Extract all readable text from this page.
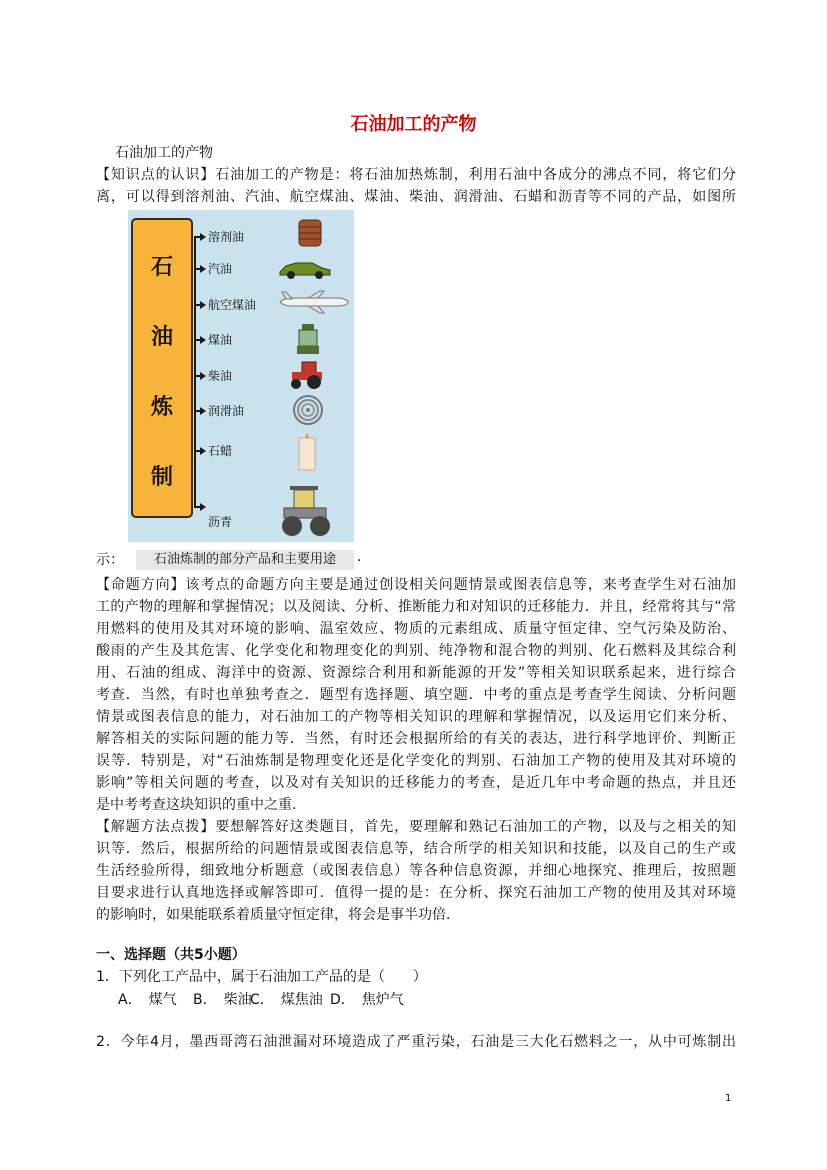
石油加工的产物
石油加工的产物
【知识点的认识】石油加工的产物是：将石油加热炼制，利用石油中各成分的沸点不同，将它们分
离，可以得到溶剂油、汽油、航空煤油、煤油、柴油、润滑油、石蜡和沥青等不同的产品，如图所
石
油
炼
制
溶剂油
汽油
航空煤油
煤油
柴油
润滑油
石蜡
沥青
示：	石油炼制的部分产品和主要用途	.
【命题方向】该考点的命题方向主要是通过创设相关问题情景或图表信息等，来考查学生对石油加
工的产物的理解和掌握情况；以及阅读、分析、推断能力和对知识的迁移能力．并且，经常将其与“常
用燃料的使用及其对环境的影响、温室效应、物质的元素组成、质量守恒定律、空气污染及防治、
酸雨的产生及其危害、化学变化和物理变化的判别、纯净物和混合物的判别、化石燃料及其综合利
用、石油的组成、海洋中的资源、资源综合利用和新能源的开发”等相关知识联系起来，进行综合
考查．当然，有时也单独考查之．题型有选择题、填空题．中考的重点是考查学生阅读、分析问题
情景或图表信息的能力，对石油加工的产物等相关知识的理解和掌握情况，以及运用它们来分析、
解答相关的实际问题的能力等．当然，有时还会根据所给的有关的表达，进行科学地评价、判断正
误等．特别是，对“石油炼制是物理变化还是化学变化的判别、石油加工产物的使用及其对环境的
影响”等相关问题的考查，以及对有关知识的迁移能力的考查，是近几年中考命题的热点，并且还
是中考考查这块知识的重中之重．
【解题方法点拨】要想解答好这类题目，首先，要理解和熟记石油加工的产物，以及与之相关的知
识等．然后，根据所给的问题情景或图表信息等，结合所学的相关知识和技能，以及自己的生产或
生活经验所得，细致地分析题意（或图表信息）等各种信息资源，并细心地探究、推理后，按照题
目要求进行认真地选择或解答即可．值得一提的是：在分析、探究石油加工产物的使用及其对环境
的影响时，如果能联系着质量守恒定律，将会是事半功倍．
一、选择题（共5小题）
1．下列化工产品中，属于石油加工产品的是（　　）
A．　煤气 B．　柴油
C．　煤焦油 D．　焦炉气
2．今年4月，墨西哥湾石油泄漏对环境造成了严重污染，石油是三大化石燃料之一，从中可炼制出
1
